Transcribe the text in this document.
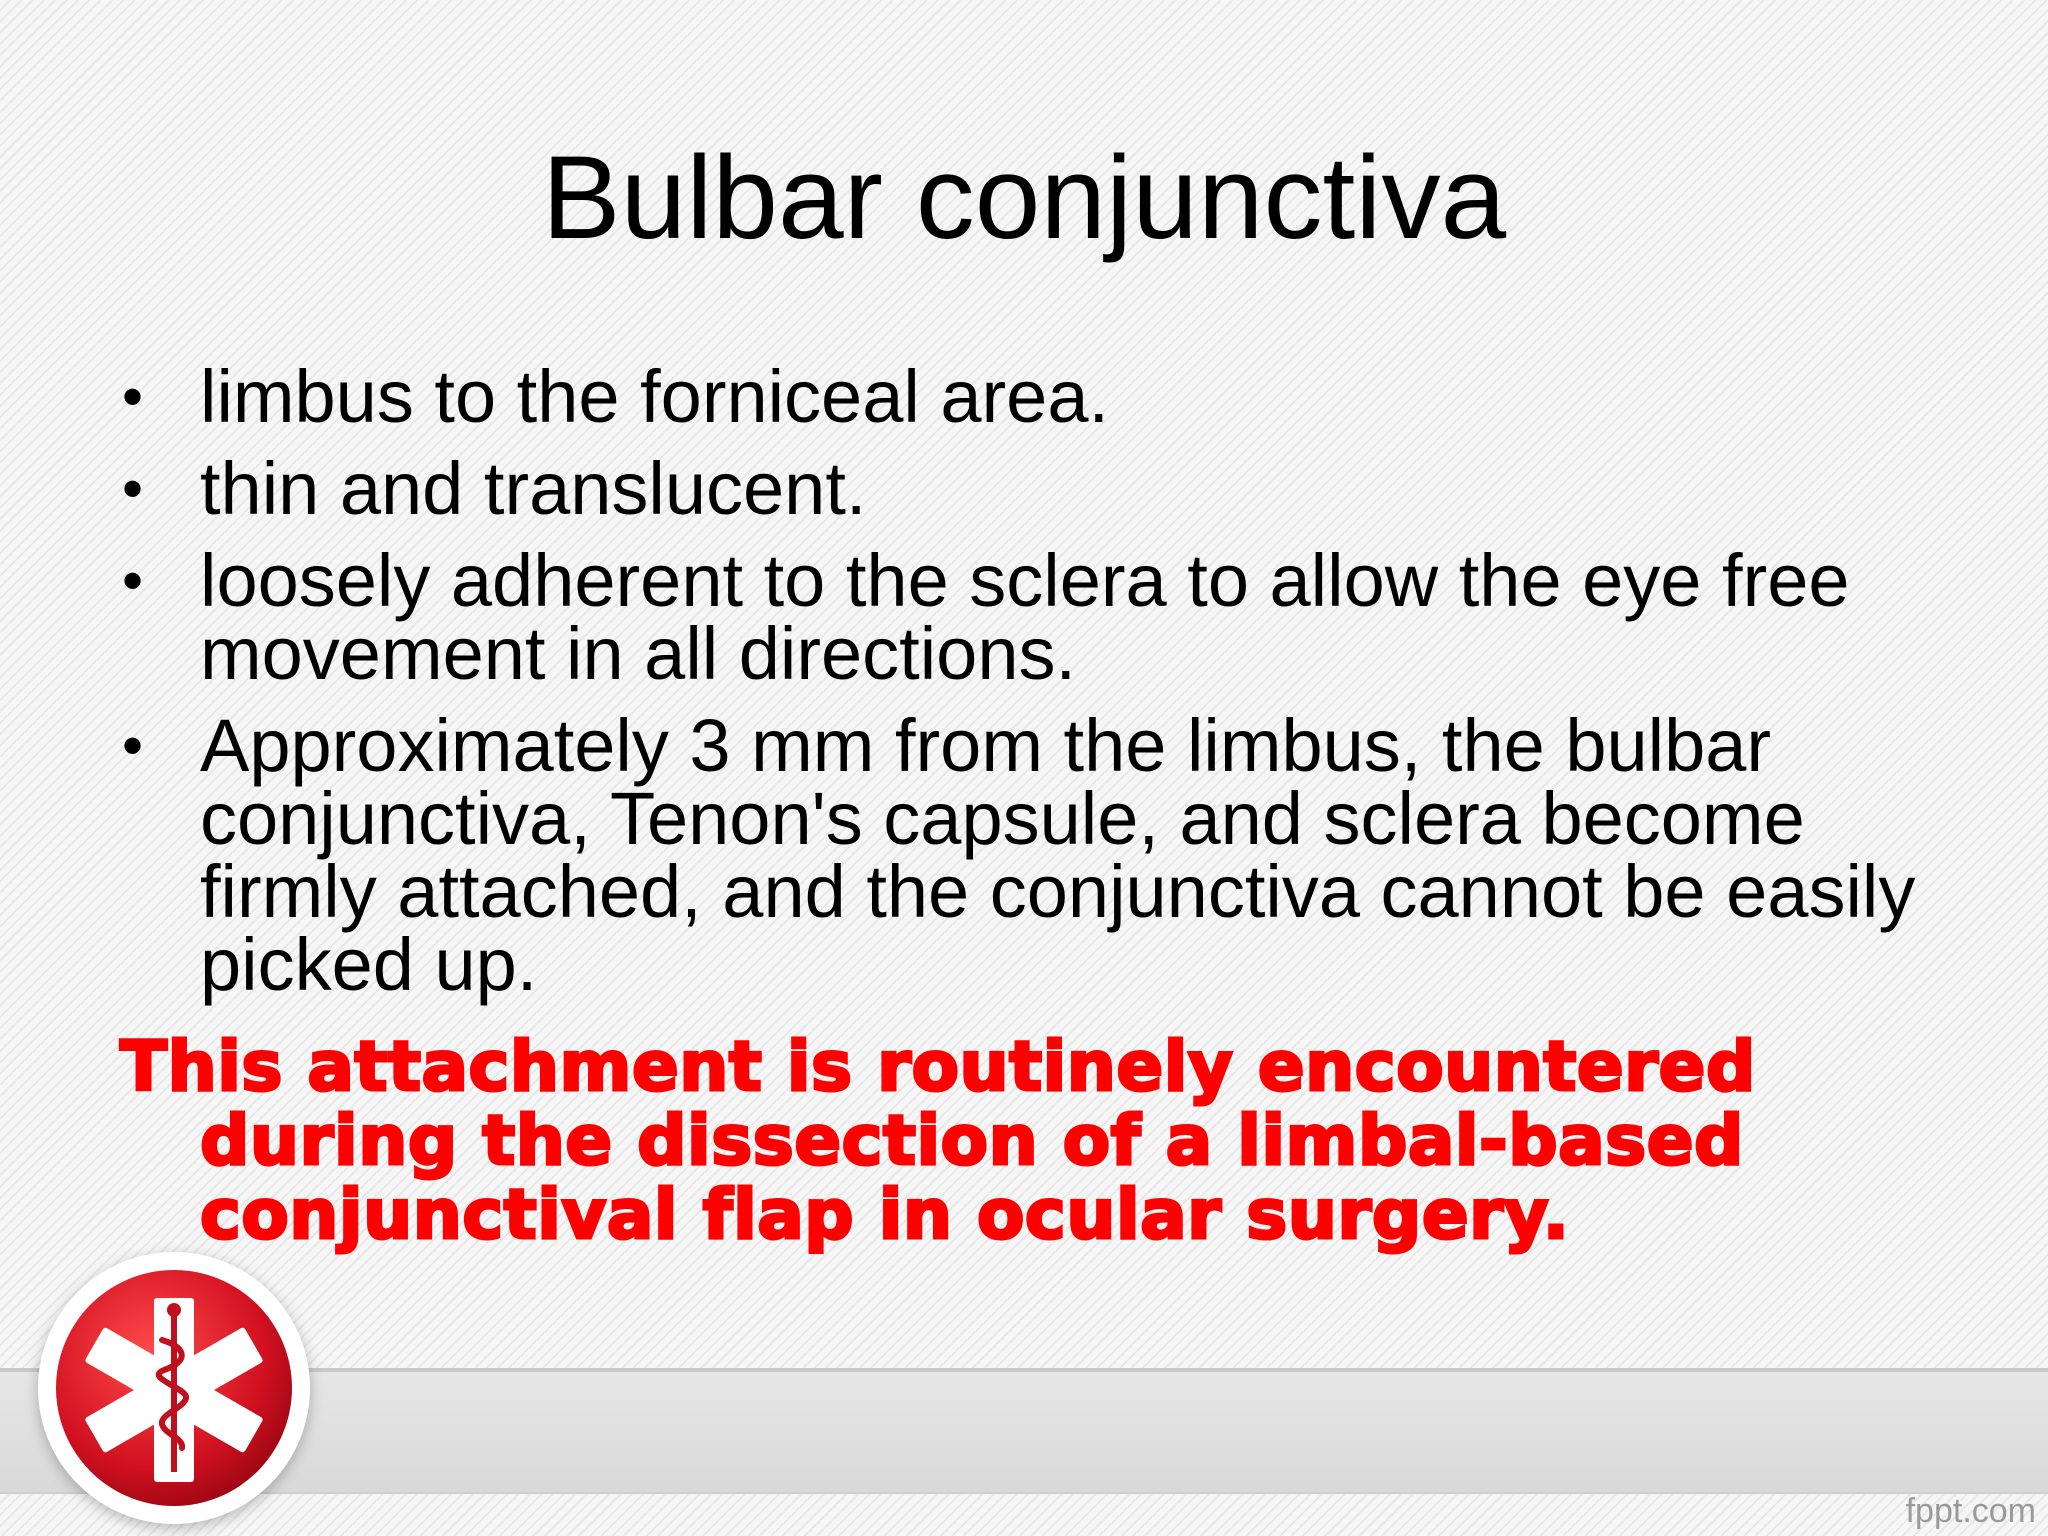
Bulbar conjunctiva
• limbus to the forniceal area.
• thin and translucent.
• loosely adherent to the sclera to allow the eye free movement in all directions.
• Approximately 3 mm from the limbus, the bulbar conjunctiva, Tenon's capsule, and sclera become firmly attached, and the conjunctiva cannot be easily picked up.
This attachment is routinely encountered during the dissection of a limbal-based conjunctival flap in ocular surgery.
fppt.com
